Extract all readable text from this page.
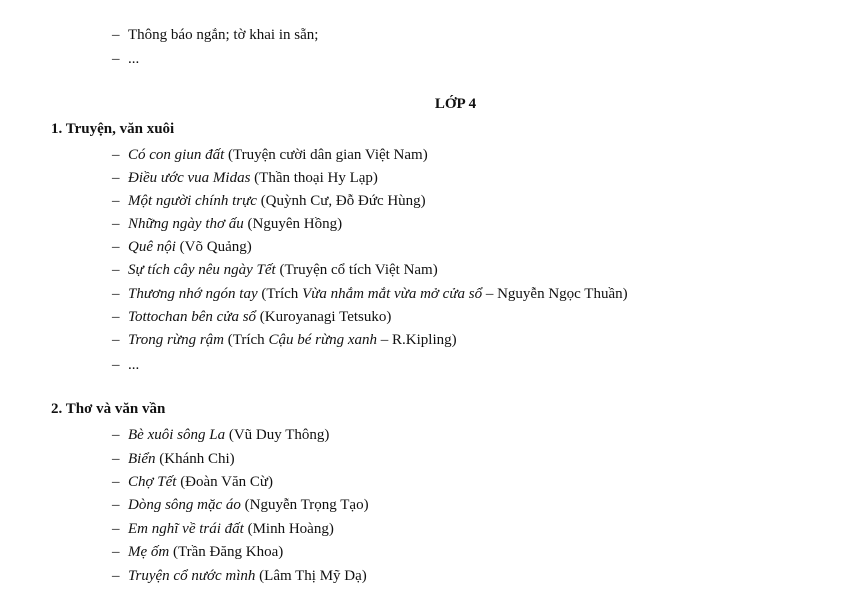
– Thông báo ngắn; tờ khai in sẵn;
– ...
LỚP 4
1. Truyện, văn xuôi
– Có con giun đất (Truyện cười dân gian Việt Nam)
– Điều ước vua Midas (Thần thoại Hy Lạp)
– Một người chính trực (Quỳnh Cư, Đỗ Đức Hùng)
– Những ngày thơ ấu (Nguyên Hồng)
– Quê nội (Võ Quảng)
– Sự tích cây nêu ngày Tết (Truyện cổ tích Việt Nam)
– Thương nhớ ngón tay (Trích Vừa nhắm mắt vừa mở cửa sổ – Nguyễn Ngọc Thuần)
– Tottochan bên cửa sổ (Kuroyanagi Tetsuko)
– Trong rừng rậm (Trích Cậu bé rừng xanh – R.Kipling)
– ...
2. Thơ và văn vần
– Bè xuôi sông La (Vũ Duy Thông)
– Biển (Khánh Chi)
– Chợ Tết (Đoàn Văn Cừ)
– Dòng sông mặc áo (Nguyễn Trọng Tạo)
– Em nghĩ về trái đất (Minh Hoàng)
– Mẹ ốm (Trần Đăng Khoa)
– Truyện cổ nước mình (Lâm Thị Mỹ Dạ)
